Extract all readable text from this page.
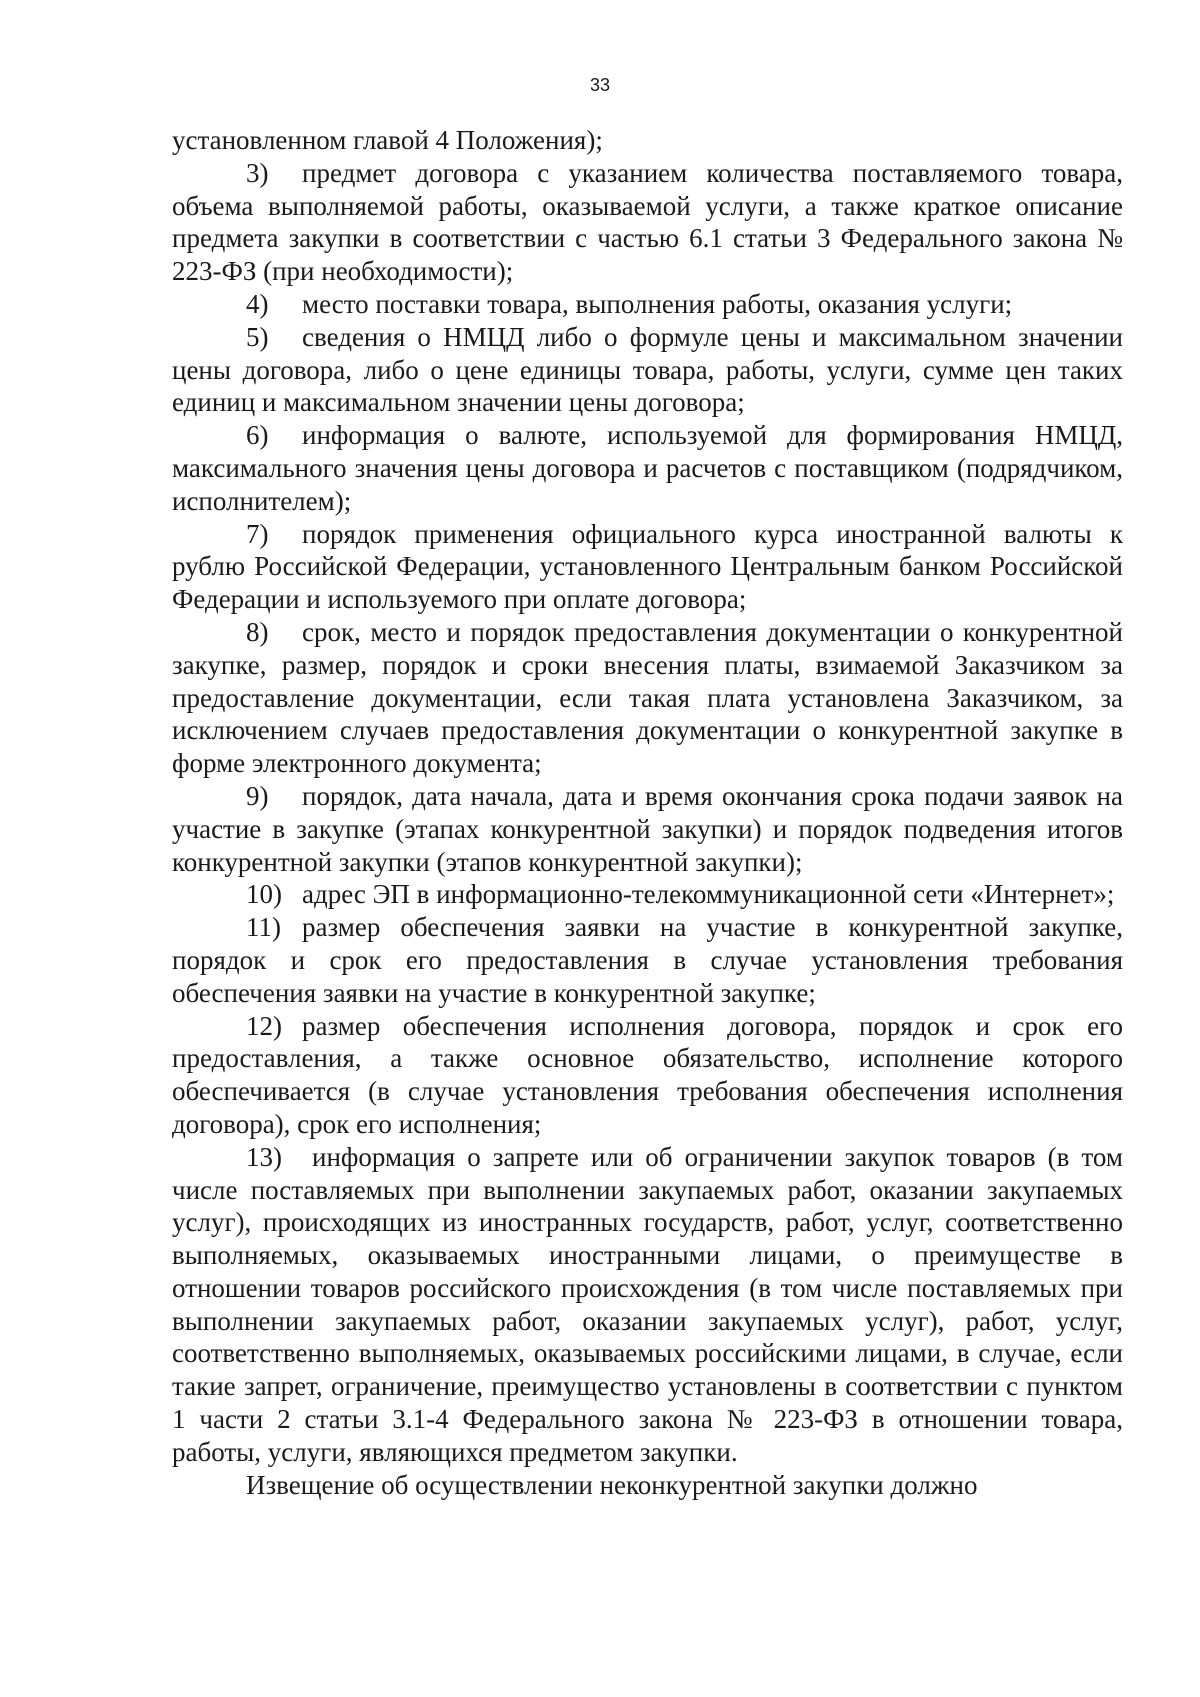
33

установленном главой 4 Положения);

3) предмет договора с указанием количества поставляемого товара, объема выполняемой работы, оказываемой услуги, а также краткое описание предмета закупки в соответствии с частью 6.1 статьи 3 Федерального закона № 223-ФЗ (при необходимости);

4) место поставки товара, выполнения работы, оказания услуги;

5) сведения о НМЦД либо о формуле цены и максимальном значении цены договора, либо о цене единицы товара, работы, услуги, сумме цен таких единиц и максимальном значении цены договора;

6) информация о валюте, используемой для формирования НМЦД, максимального значения цены договора и расчетов с поставщиком (подрядчиком, исполнителем);

7) порядок применения официального курса иностранной валюты к рублю Российской Федерации, установленного Центральным банком Российской Федерации и используемого при оплате договора;

8) срок, место и порядок предоставления документации о конкурентной закупке, размер, порядок и сроки внесения платы, взимаемой Заказчиком за предоставление документации, если такая плата установлена Заказчиком, за исключением случаев предоставления документации о конкурентной закупке в форме электронного документа;

9) порядок, дата начала, дата и время окончания срока подачи заявок на участие в закупке (этапах конкурентной закупки) и порядок подведения итогов конкурентной закупки (этапов конкурентной закупки);

10) адрес ЭП в информационно-телекоммуникационной сети «Интернет»;

11) размер обеспечения заявки на участие в конкурентной закупке, порядок и срок его предоставления в случае установления требования обеспечения заявки на участие в конкурентной закупке;

12) размер обеспечения исполнения договора, порядок и срок его предоставления, а также основное обязательство, исполнение которого обеспечивается (в случае установления требования обеспечения исполнения договора), срок его исполнения;

13) информация о запрете или об ограничении закупок товаров (в том числе поставляемых при выполнении закупаемых работ, оказании закупаемых услуг), происходящих из иностранных государств, работ, услуг, соответственно выполняемых, оказываемых иностранными лицами, о преимуществе в отношении товаров российского происхождения (в том числе поставляемых при выполнении закупаемых работ, оказании закупаемых услуг), работ, услуг, соответственно выполняемых, оказываемых российскими лицами, в случае, если такие запрет, ограничение, преимущество установлены в соответствии с пунктом 1 части 2 статьи 3.1-4 Федерального закона № 223-ФЗ в отношении товара, работы, услуги, являющихся предметом закупки.

Извещение об осуществлении неконкурентной закупки должно
